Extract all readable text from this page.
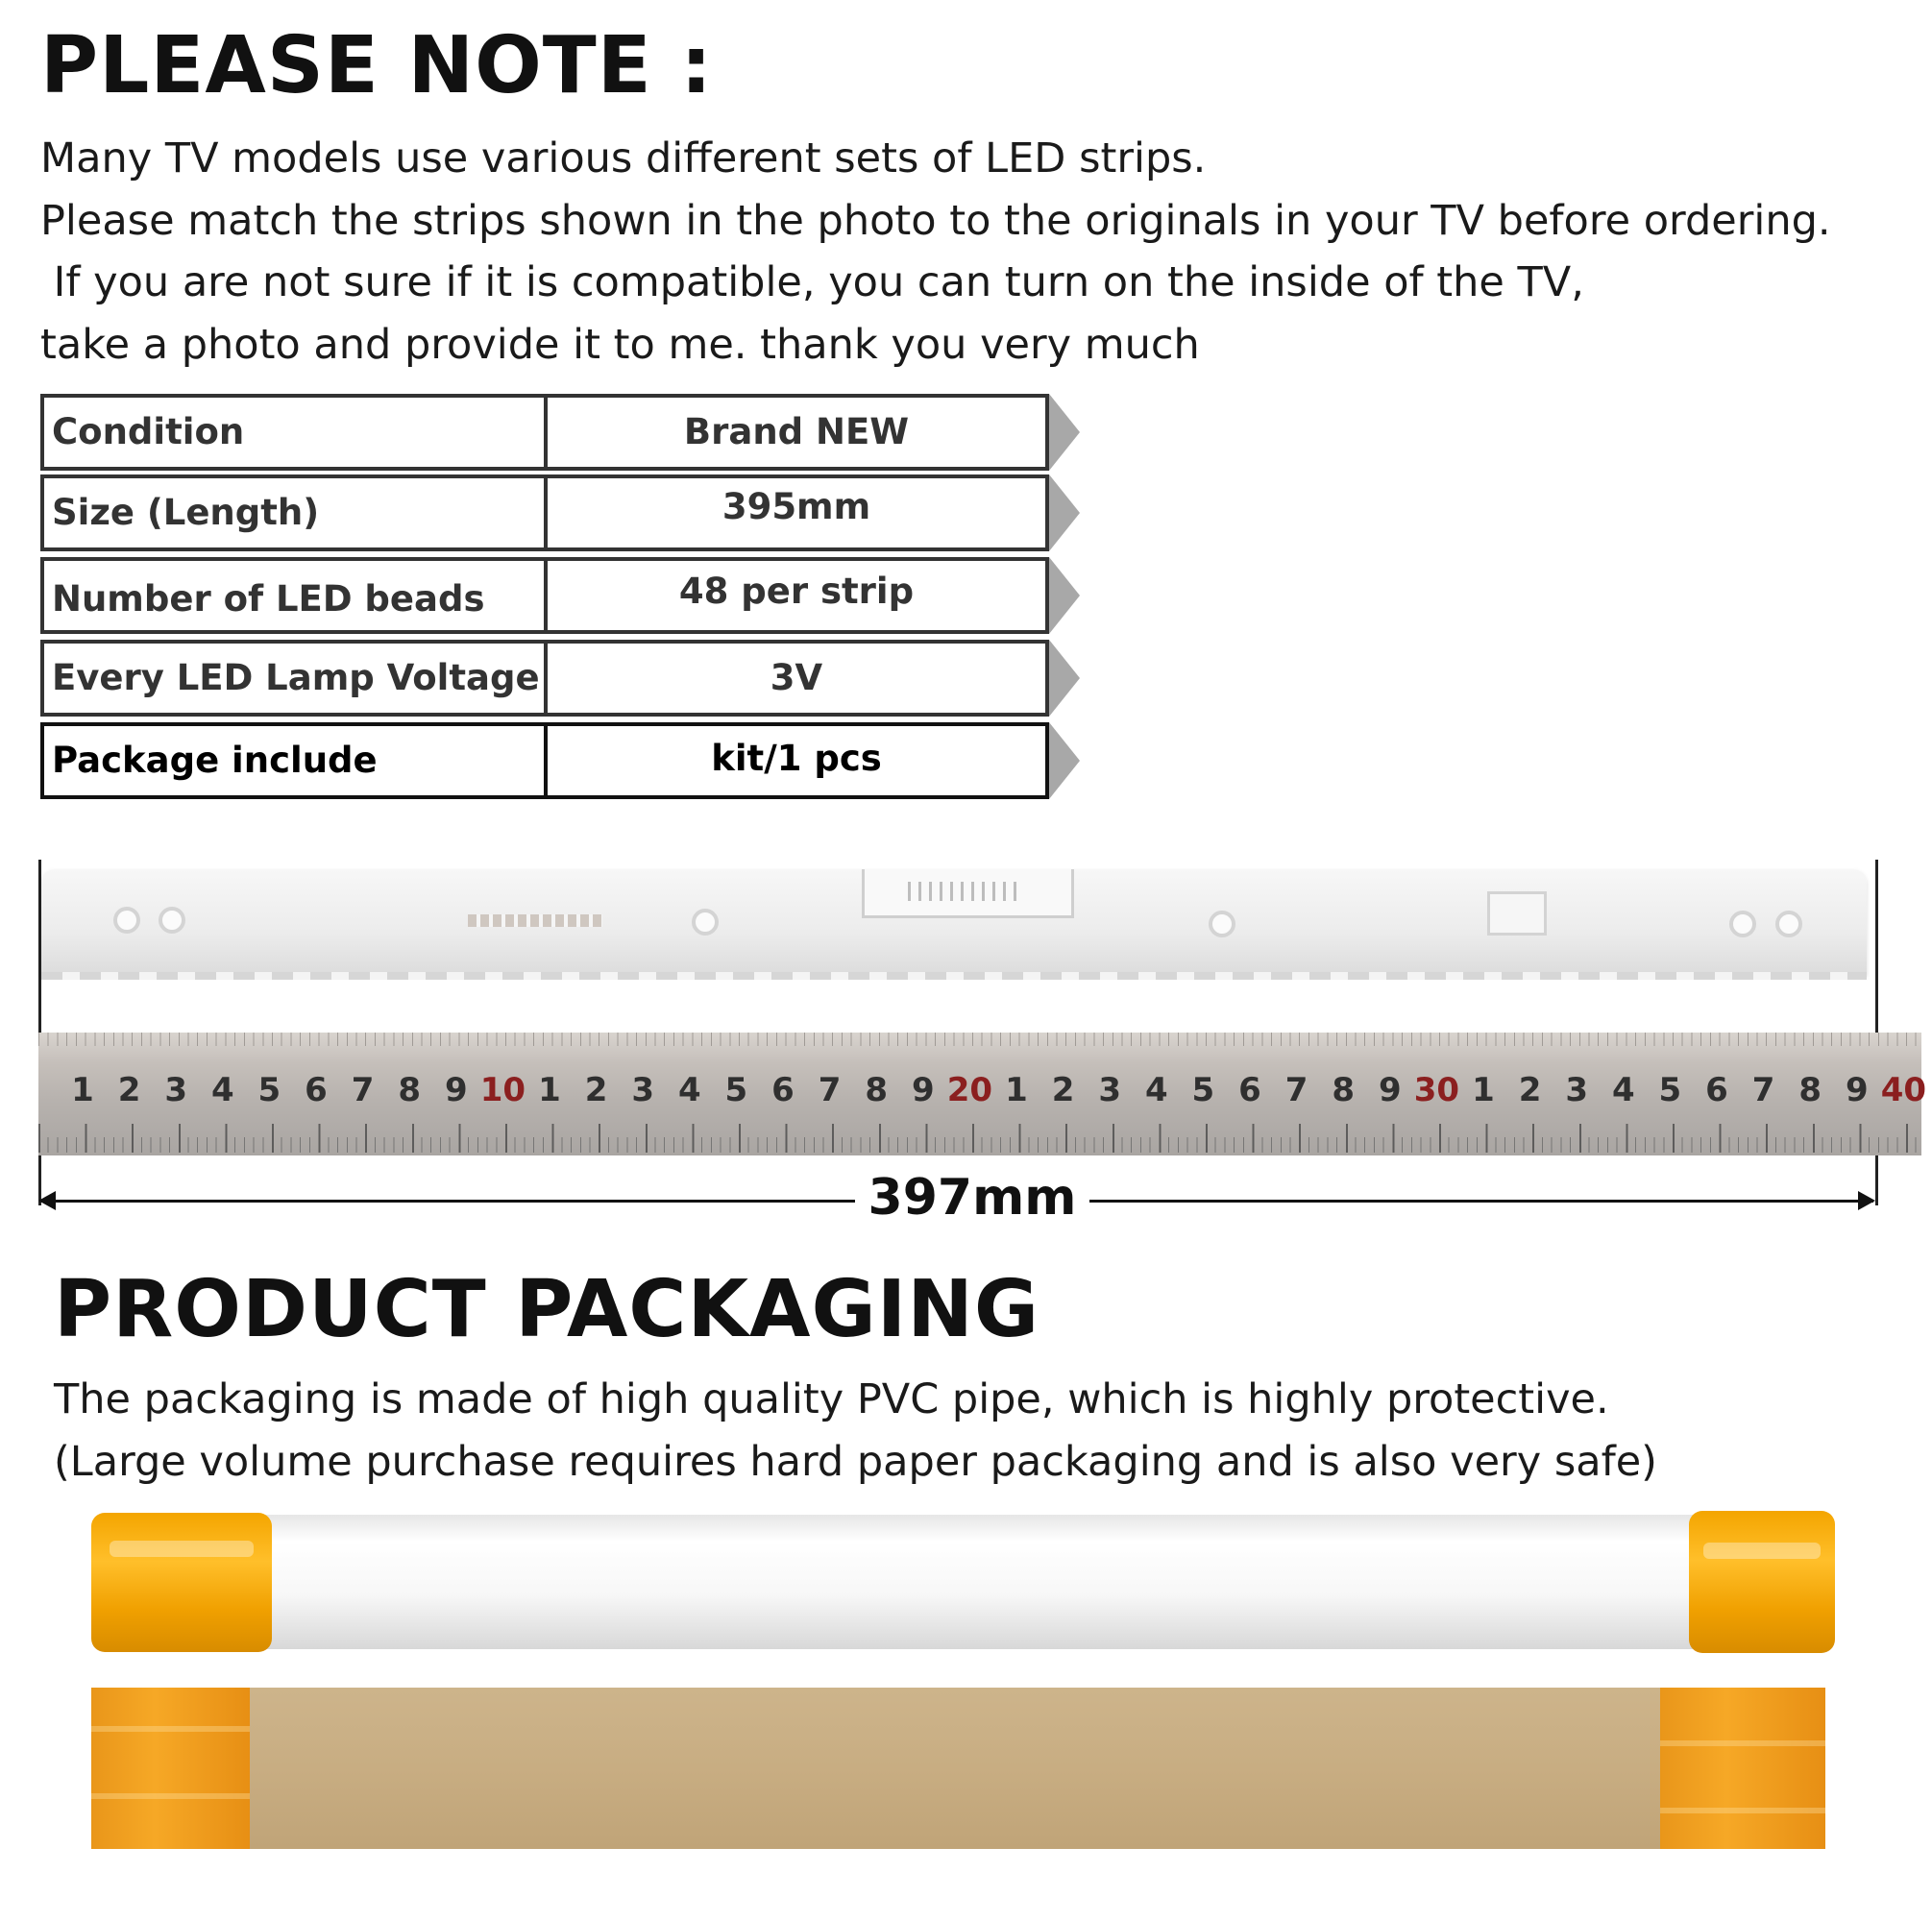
PLEASE NOTE :
Many TV models use various different sets of LED strips.
Please match the strips shown in the photo to the originals in your TV before ordering.
If you are not sure if it is compatible, you can turn on the inside of the TV,
take a photo and provide it to me. thank you very much
Condition	Brand NEW
Size (Length)	395mm
Number of LED beads	48 per strip
Every LED Lamp Voltage	3V
Package include	kit/1 pcs
1 2 3 4 5 6 7 8 9 10 1 2 3 4 5 6 7 8 9 20 1 2 3 4 5 6 7 8 9 30 1 2 3 4 5 6 7 8 9 40
397mm
PRODUCT PACKAGING
The packaging is made of high quality PVC pipe, which is highly protective.
(Large volume purchase requires hard paper packaging and is also very safe)
